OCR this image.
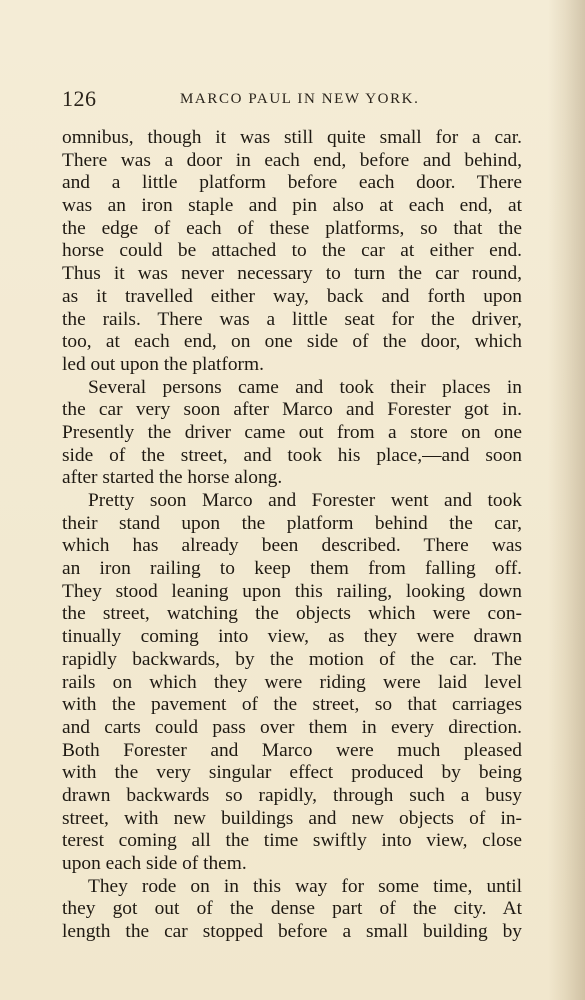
126	MARCO PAUL IN NEW YORK.
omnibus, though it was still quite small for a car.
There was a door in each end, before and behind,
and a little platform before each door. There
was an iron staple and pin also at each end, at
the edge of each of these platforms, so that the
horse could be attached to the car at either end.
Thus it was never necessary to turn the car round,
as it travelled either way, back and forth upon
the rails. There was a little seat for the driver,
too, at each end, on one side of the door, which
led out upon the platform.
Several persons came and took their places in
the car very soon after Marco and Forester got in.
Presently the driver came out from a store on one
side of the street, and took his place,—and soon
after started the horse along.
Pretty soon Marco and Forester went and took
their stand upon the platform behind the car,
which has already been described. There was
an iron railing to keep them from falling off.
They stood leaning upon this railing, looking down
the street, watching the objects which were con-
tinually coming into view, as they were drawn
rapidly backwards, by the motion of the car. The
rails on which they were riding were laid level
with the pavement of the street, so that carriages
and carts could pass over them in every direction.
Both Forester and Marco were much pleased
with the very singular effect produced by being
drawn backwards so rapidly, through such a busy
street, with new buildings and new objects of in-
terest coming all the time swiftly into view, close
upon each side of them.
They rode on in this way for some time, until
they got out of the dense part of the city. At
length the car stopped before a small building by
